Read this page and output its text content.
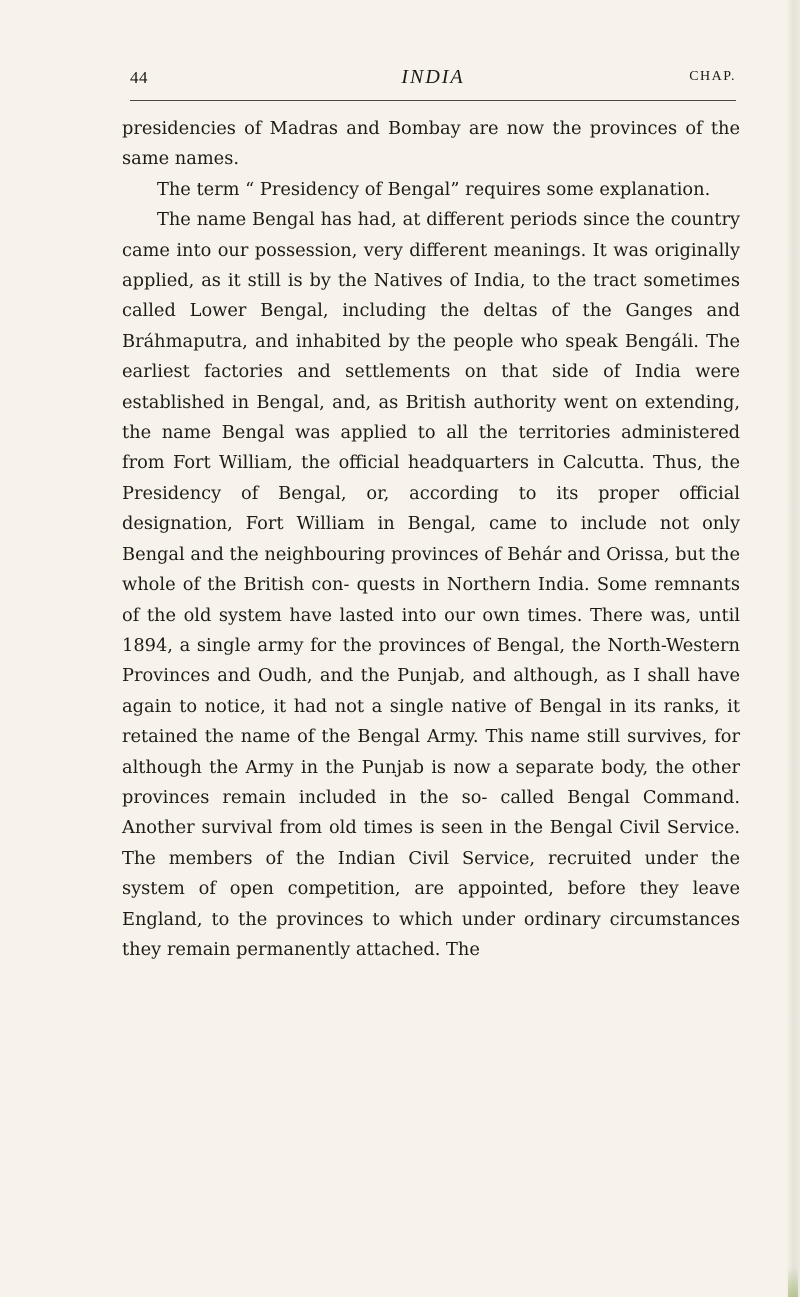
44	INDIA	CHAP.

presidencies of Madras and Bombay are now the provinces of the same names.

The term “ Presidency of Bengal” requires some explanation.

The name Bengal has had, at different periods since the country came into our possession, very different meanings. It was originally applied, as it still is by the Natives of India, to the tract sometimes called Lower Bengal, including the deltas of the Ganges and Bráhmaputra, and inhabited by the people who speak Bengáli. The earliest factories and settlements on that side of India were established in Bengal, and, as British authority went on extending, the name Bengal was applied to all the territories administered from Fort William, the official headquarters in Calcutta. Thus, the Presidency of Bengal, or, according to its proper official designation, Fort William in Bengal, came to include not only Bengal and the neighbouring provinces of Behár and Orissa, but the whole of the British con- quests in Northern India. Some remnants of the old system have lasted into our own times. There was, until 1894, a single army for the provinces of Bengal, the North-Western Provinces and Oudh, and the Punjab, and although, as I shall have again to notice, it had not a single native of Bengal in its ranks, it retained the name of the Bengal Army. This name still survives, for although the Army in the Punjab is now a separate body, the other provinces remain included in the so- called Bengal Command. Another survival from old times is seen in the Bengal Civil Service. The members of the Indian Civil Service, recruited under the system of open competition, are appointed, before they leave England, to the provinces to which under ordinary circumstances they remain permanently attached. The
